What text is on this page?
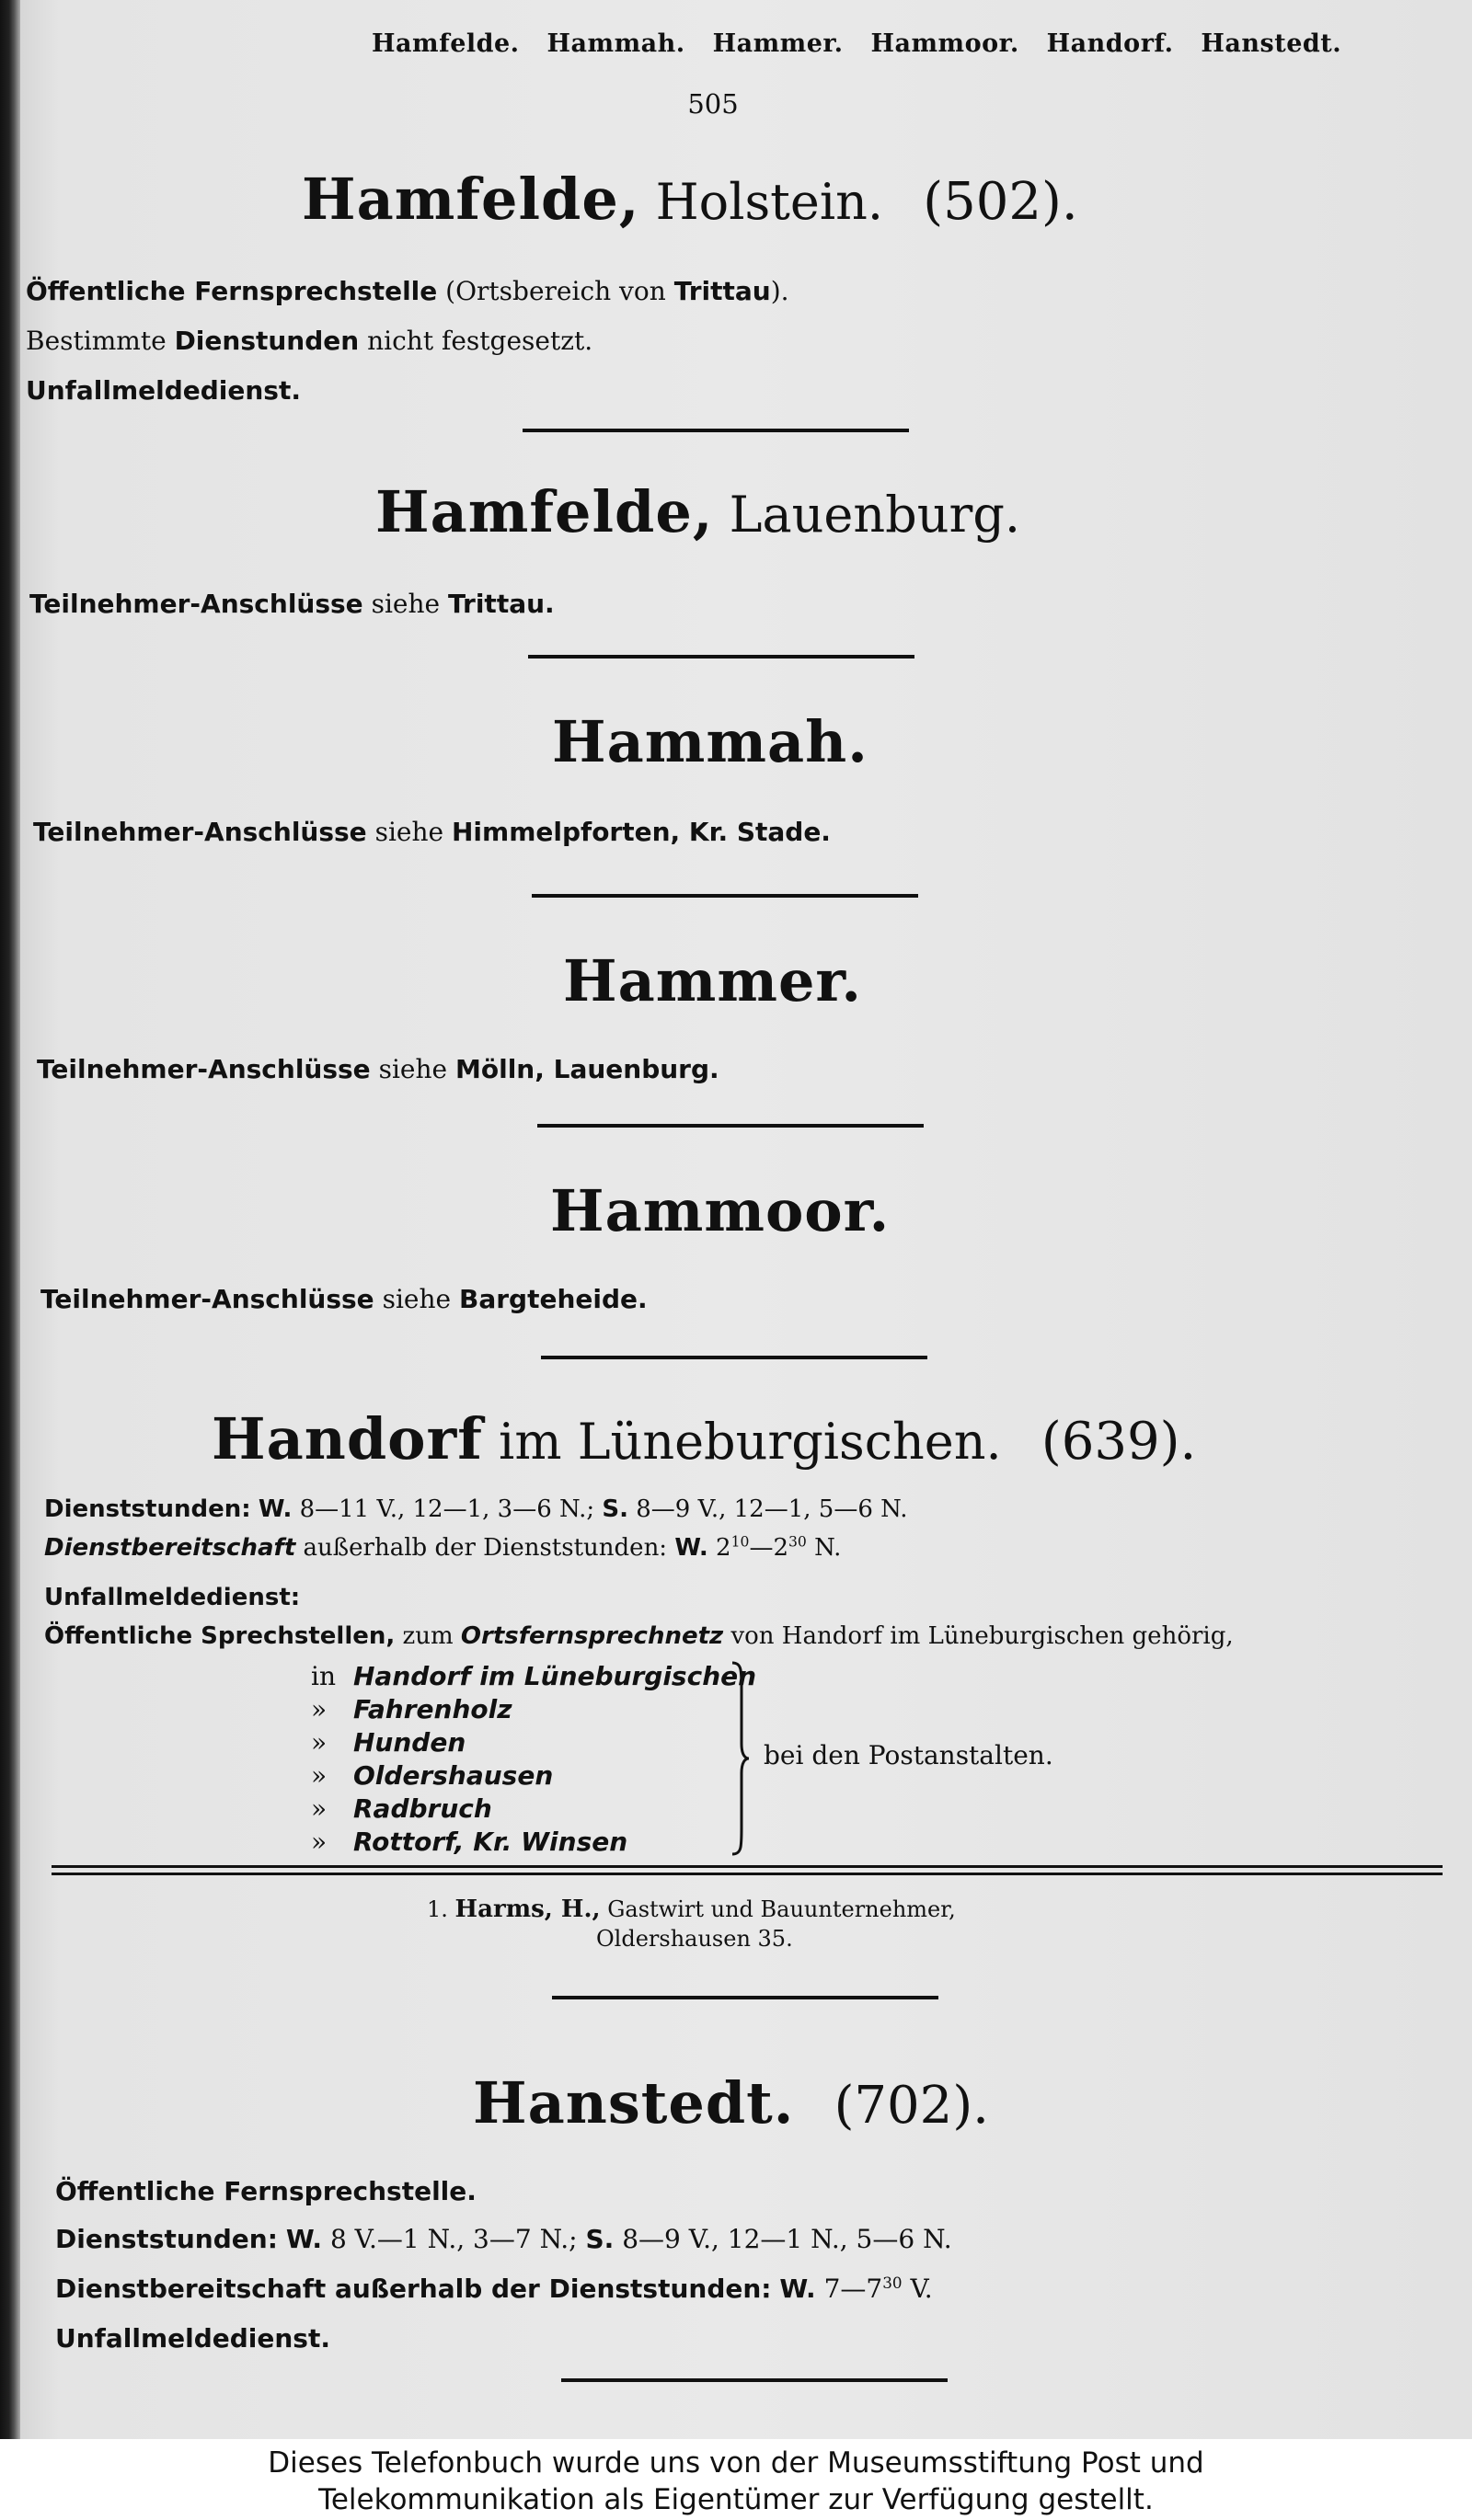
Hamfelde. Hammah. Hammer. Hammoor. Handorf. Hanstedt.
505
Hamfelde, Holstein. (502).
Öffentliche Fernsprechstelle (Ortsbereich von Trittau).
Bestimmte Dienstunden nicht festgesetzt.
Unfallmeldedienst.
Hamfelde, Lauenburg.
Teilnehmer-Anschlüsse siehe Trittau.
Hammah.
Teilnehmer-Anschlüsse siehe Himmelpforten, Kr. Stade.
Hammer.
Teilnehmer-Anschlüsse siehe Mölln, Lauenburg.
Hammoor.
Teilnehmer-Anschlüsse siehe Bargteheide.
Handorf im Lüneburgischen. (639).
Dienststunden: W. 8—11 V., 12—1, 3—6 N.; S. 8—9 V., 12—1, 5—6 N.
Dienstbereitschaft außerhalb der Dienststunden: W. $2^{10}—2^{30}$ N.
Unfallmeldedienst:
Öffentliche Sprechstellen, zum Ortsfernsprechnetz von Handorf im Lüneburgischen gehörig,
in Handorf im Lüneburgischen
» Fahrenholz
» Hunden
» Oldershausen
» Radbruch
» Rottorf, Kr. Winsen
bei den Postanstalten.
1. Harms, H., Gastwirt und Bauunternehmer,
Oldershausen 35.
Hanstedt. (702).
Öffentliche Fernsprechstelle.
Dienststunden: W. 8 V.—1 N., 3—7 N.; S. 8—9 V., 12—1 N., 5—6 N.
Dienstbereitschaft außerhalb der Dienststunden: W. $7—7^{30}$ V.
Unfallmeldedienst.
Dieses Telefonbuch wurde uns von der Museumsstiftung Post und
Telekommunikation als Eigentümer zur Verfügung gestellt.
